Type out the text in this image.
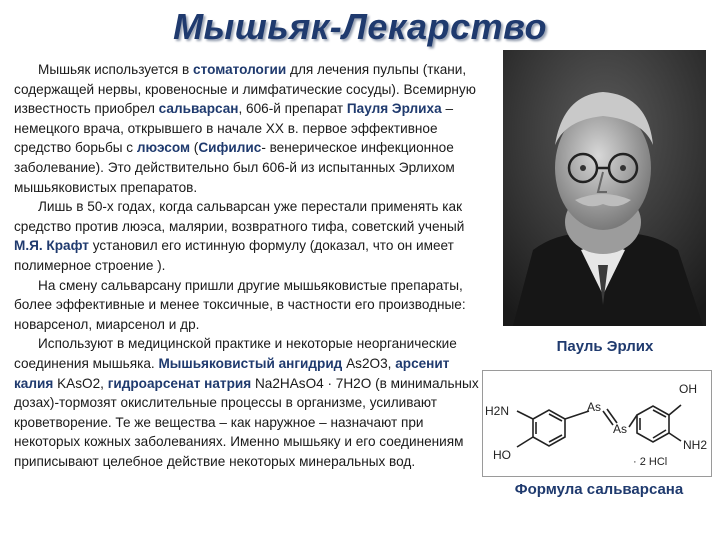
Мышьяк-Лекарство

Мышьяк используется в стоматологии для лечения пульпы (ткани, содержащей нервы, кровеносные и лимфатические сосуды). Всемирную известность приобрел сальварсан, 606-й препарат Пауля Эрлиха – немецкого врача, открывшего в начале XX в. первое эффективное средство борьбы с люэсом (Сифилис- венерическое инфекционное заболевание). Это действительно был 606-й из испытанных Эрлихом мышьяковистых препаратов.

Лишь в 50-х годах, когда сальварсан уже перестали применять как средство против люэса, малярии, возвратного тифа, советский ученый М.Я. Крафт установил его истинную формулу (доказал, что он имеет полимерное строение ).

На смену сальварсану пришли другие мышьяковистые препараты, более эффективные и менее токсичные, в частности его производные: новарсенол, миарсенол и др.

Используют в медицинской практике и некоторые неорганические соединения мышьяка. Мышьяковистый ангидрид As2O3, арсенит калия KAsO2, гидроарсенат натрия Na2HAsO4 · 7H2O (в минимальных дозах)-тормозят окислительные процессы в организме, усиливают кроветворение. Те же вещества – как наружное – назначают при некоторых кожных заболеваниях. Именно мышьяку и его соединениям приписывают целебное действие некоторых минеральных вод.

Пауль Эрлих
OH
NH2
H2N
HO
As
As
· 2 HCl
Формула сальварсана
